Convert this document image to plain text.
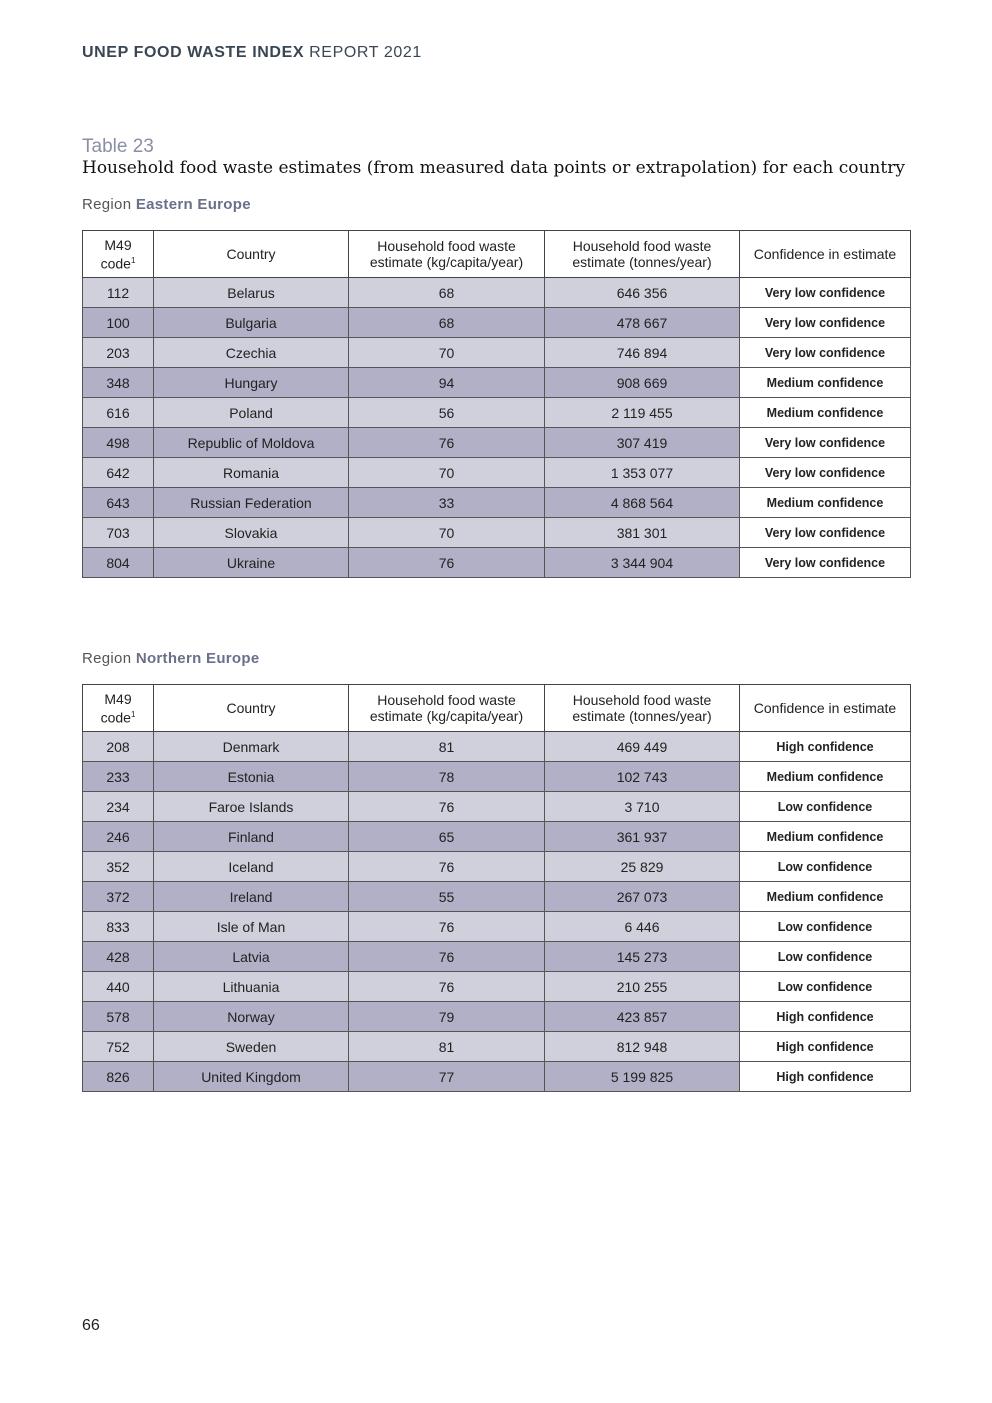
UNEP FOOD WASTE INDEX REPORT 2021
Table 23
Household food waste estimates (from measured data points or extrapolation) for each country
Region Eastern Europe
M49 code$^1$	Country	Household food waste estimate (kg/capita/year)	Household food waste estimate (tonnes/year)	Confidence in estimate
112	Belarus	68	646 356	Very low confidence
100	Bulgaria	68	478 667	Very low confidence
203	Czechia	70	746 894	Very low confidence
348	Hungary	94	908 669	Medium confidence
616	Poland	56	2 119 455	Medium confidence
498	Republic of Moldova	76	307 419	Very low confidence
642	Romania	70	1 353 077	Very low confidence
643	Russian Federation	33	4 868 564	Medium confidence
703	Slovakia	70	381 301	Very low confidence
804	Ukraine	76	3 344 904	Very low confidence
Region Northern Europe
M49 code$^1$	Country	Household food waste estimate (kg/capita/year)	Household food waste estimate (tonnes/year)	Confidence in estimate
208	Denmark	81	469 449	High confidence
233	Estonia	78	102 743	Medium confidence
234	Faroe Islands	76	3 710	Low confidence
246	Finland	65	361 937	Medium confidence
352	Iceland	76	25 829	Low confidence
372	Ireland	55	267 073	Medium confidence
833	Isle of Man	76	6 446	Low confidence
428	Latvia	76	145 273	Low confidence
440	Lithuania	76	210 255	Low confidence
578	Norway	79	423 857	High confidence
752	Sweden	81	812 948	High confidence
826	United Kingdom	77	5 199 825	High confidence
66
